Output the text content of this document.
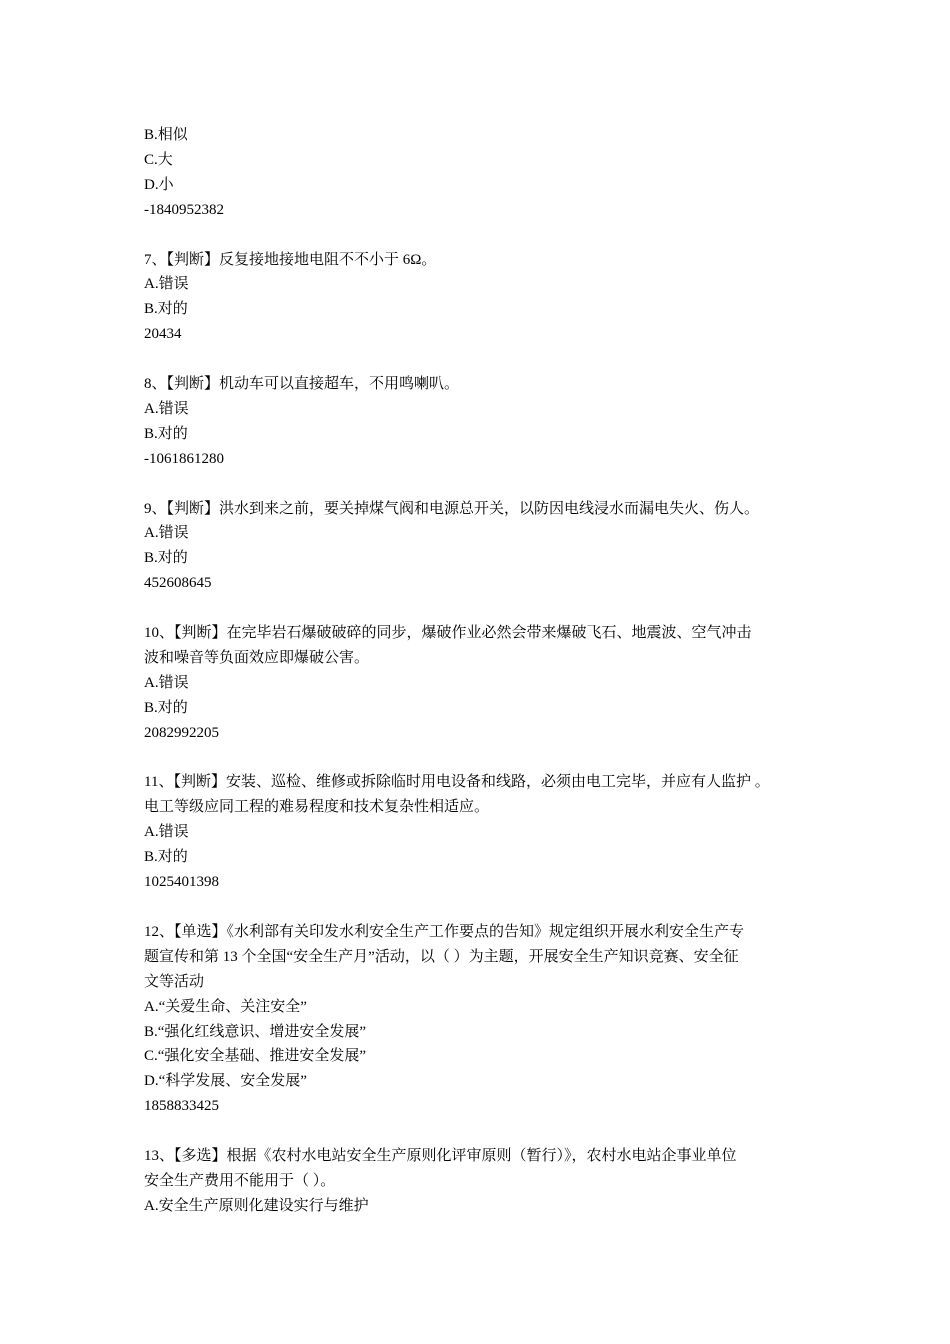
B.相似

C.大

D.小

-1840952382

7、【判断】反复接地接地电阻不不小于 6Ω。

A.错误

B.对的

20434

8、【判断】机动车可以直接超车，不用鸣喇叭。

A.错误

B.对的

-1061861280

9、【判断】洪水到来之前，要关掉煤气阀和电源总开关，以防因电线浸水而漏电失火、伤人。

A.错误

B.对的

452608645

10、【判断】在完毕岩石爆破破碎的同步，爆破作业必然会带来爆破飞石、地震波、空气冲击

波和噪音等负面效应即爆破公害。

A.错误

B.对的

2082992205

11、【判断】安装、巡检、维修或拆除临时用电设备和线路，必须由电工完毕，并应有人监护 。

电工等级应同工程的难易程度和技术复杂性相适应。

A.错误

B.对的

1025401398

12、【单选】《水利部有关印发水利安全生产工作要点的告知》规定组织开展水利安全生产专

题宣传和第 13 个全国“安全生产月”活动，以（ ）为主题，开展安全生产知识竞赛、安全征

文等活动

A.“关爱生命、关注安全”

B.“强化红线意识、增进安全发展”

C.“强化安全基础、推进安全发展”

D.“科学发展、安全发展”

1858833425

13、【多选】根据《农村水电站安全生产原则化评审原则（暂行）》，农村水电站企事业单位

安全生产费用不能用于（ ）。

A.安全生产原则化建设实行与维护
